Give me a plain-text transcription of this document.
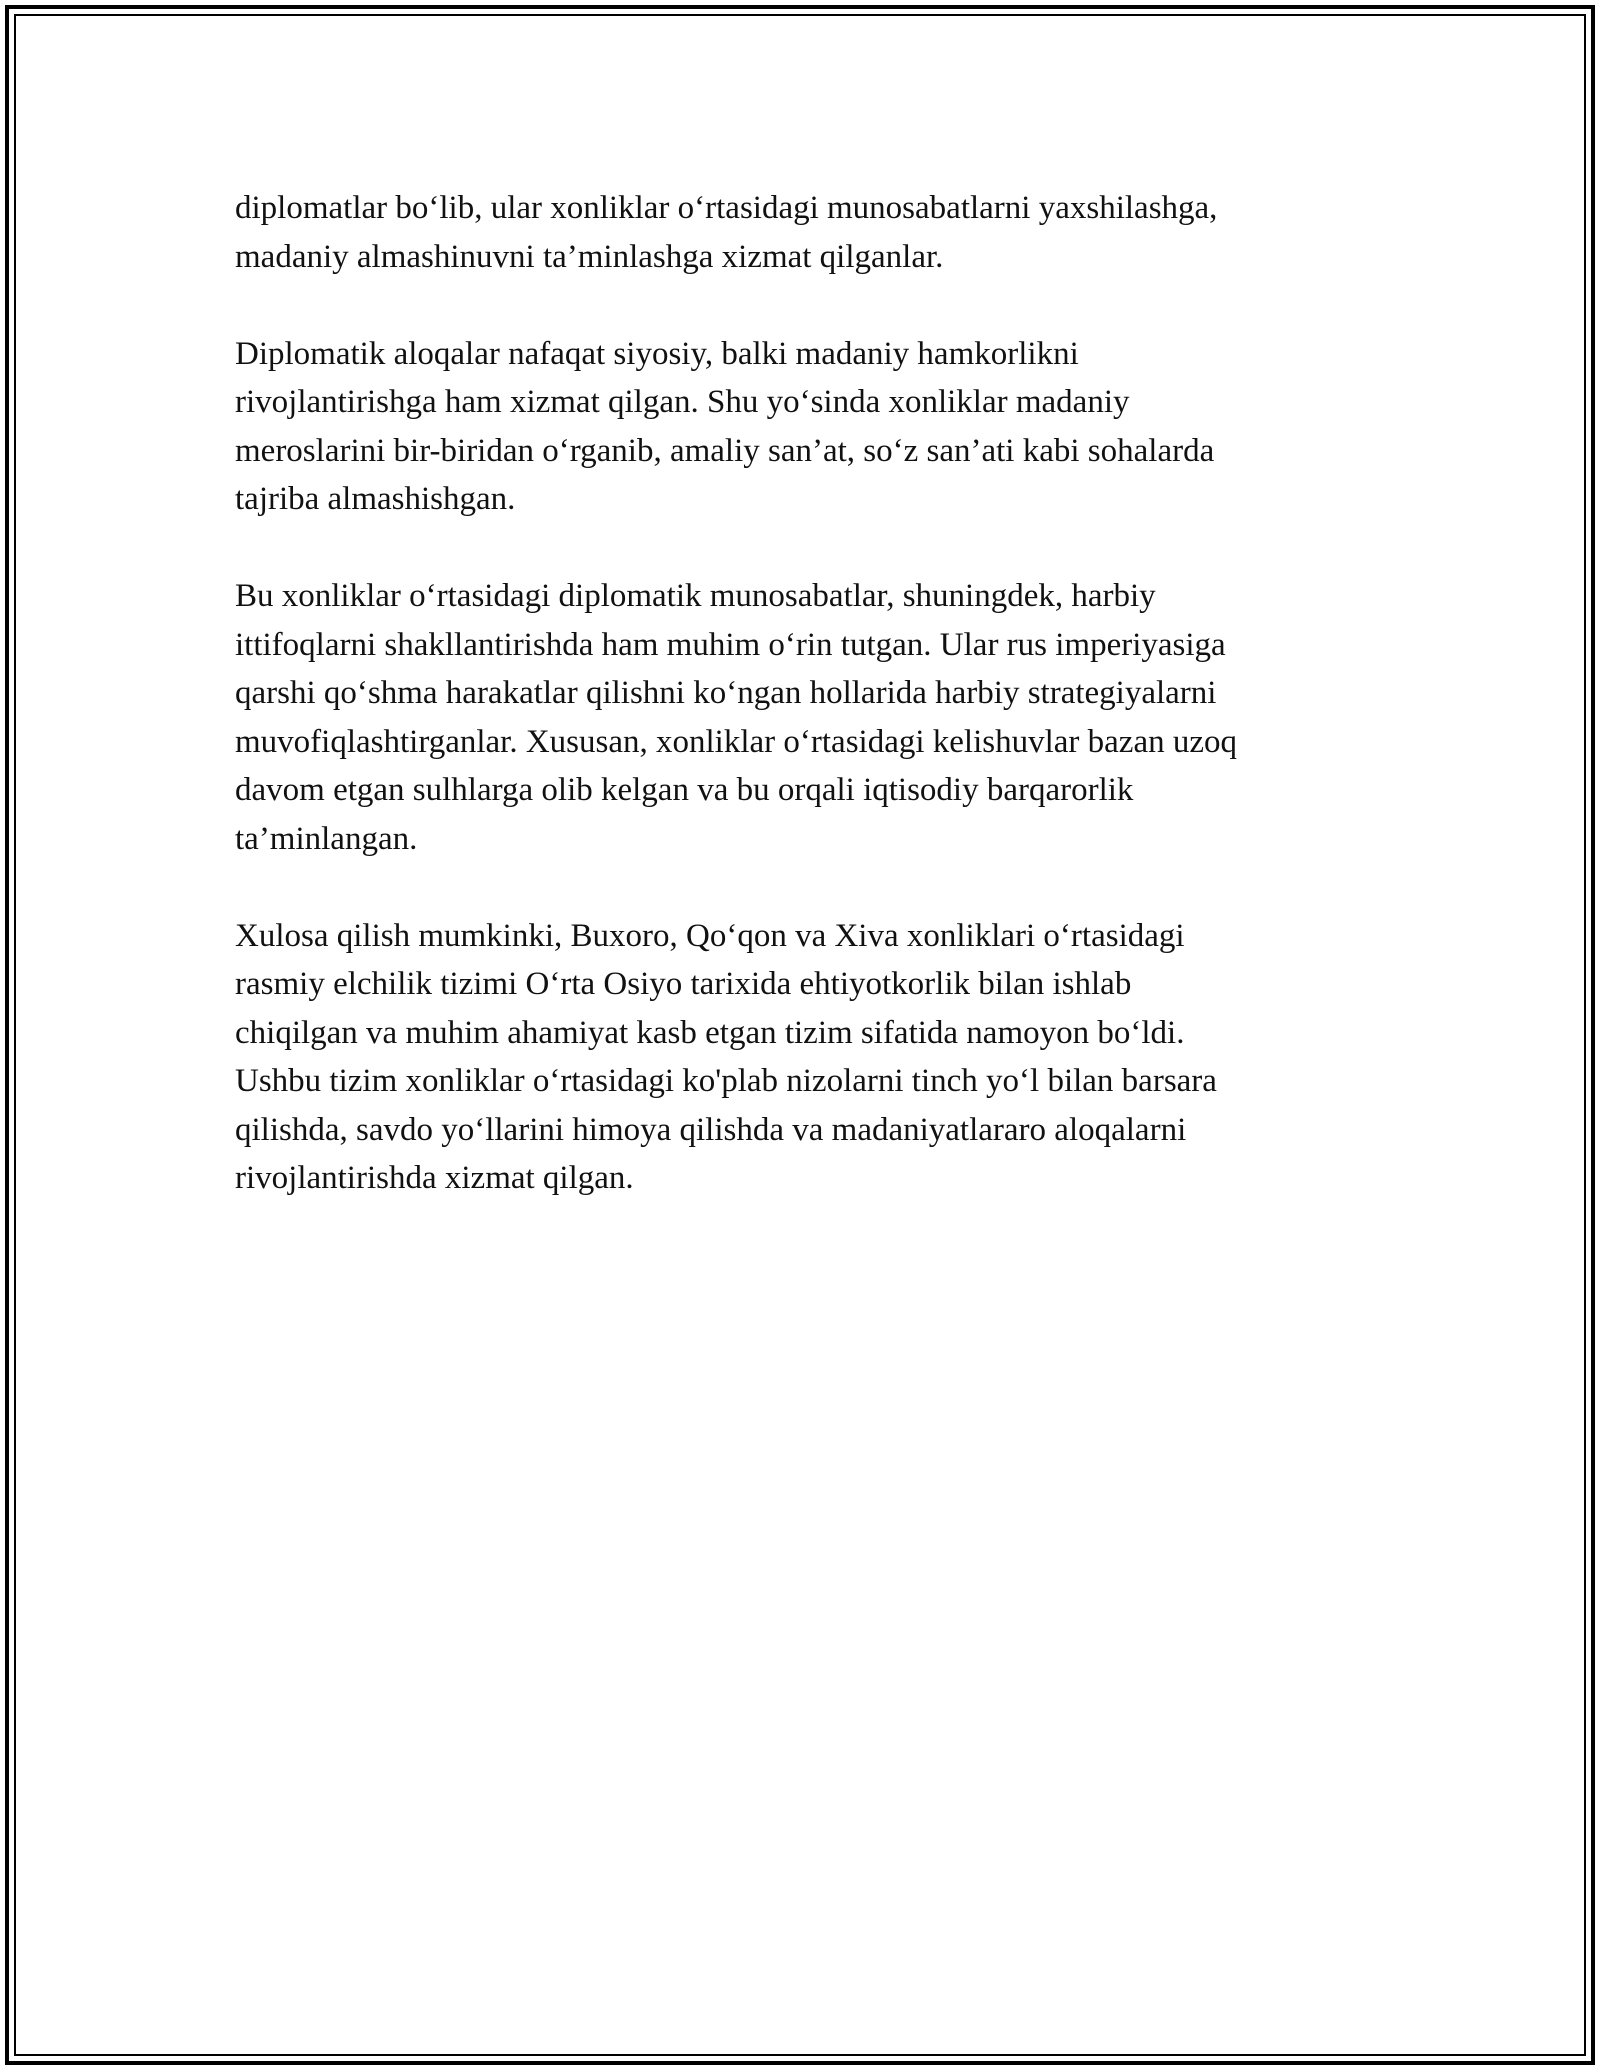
diplomatlar bo‘lib, ular xonliklar o‘rtasidagi munosabatlarni yaxshilashga,
madaniy almashinuvni ta’minlashga xizmat qilganlar.

Diplomatik aloqalar nafaqat siyosiy, balki madaniy hamkorlikni
rivojlantirishga ham xizmat qilgan. Shu yo‘sinda xonliklar madaniy
meroslarini bir-biridan o‘rganib, amaliy san’at, so‘z san’ati kabi sohalarda
tajriba almashishgan.

Bu xonliklar o‘rtasidagi diplomatik munosabatlar, shuningdek, harbiy
ittifoqlarni shakllantirishda ham muhim o‘rin tutgan. Ular rus imperiyasiga
qarshi qo‘shma harakatlar qilishni ko‘ngan hollarida harbiy strategiyalarni
muvofiqlashtirganlar. Xususan, xonliklar o‘rtasidagi kelishuvlar bazan uzoq
davom etgan sulhlarga olib kelgan va bu orqali iqtisodiy barqarorlik
ta’minlangan.

Xulosa qilish mumkinki, Buxoro, Qo‘qon va Xiva xonliklari o‘rtasidagi
rasmiy elchilik tizimi O‘rta Osiyo tarixida ehtiyotkorlik bilan ishlab
chiqilgan va muhim ahamiyat kasb etgan tizim sifatida namoyon bo‘ldi.
Ushbu tizim xonliklar o‘rtasidagi ko'plab nizolarni tinch yo‘l bilan barsara
qilishda, savdo yo‘llarini himoya qilishda va madaniyatlararo aloqalarni
rivojlantirishda xizmat qilgan.
